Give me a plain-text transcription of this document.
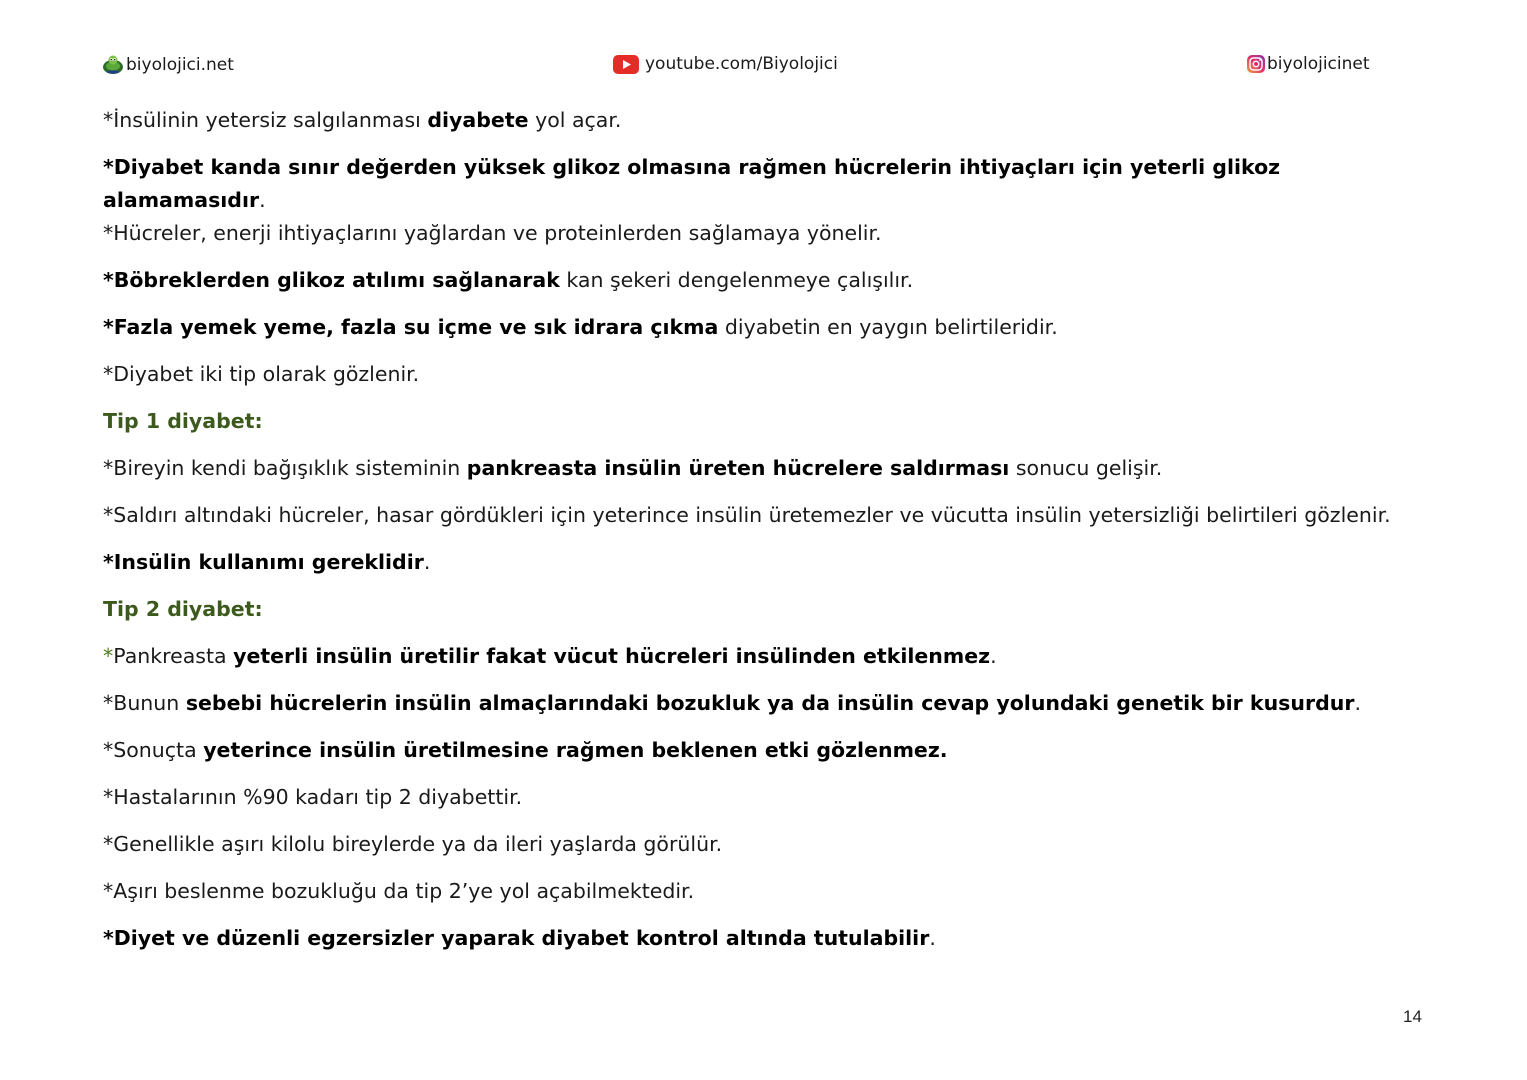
biyolojici.net	youtube.com/Biyolojici	biyolojicinet

*İnsülinin yetersiz salgılanması diyabete yol açar.

*Diyabet kanda sınır değerden yüksek glikoz olmasına rağmen hücrelerin ihtiyaçları için yeterli glikoz alamamasıdır.

*Hücreler, enerji ihtiyaçlarını yağlardan ve proteinlerden sağlamaya yönelir.

*Böbreklerden glikoz atılımı sağlanarak kan şekeri dengelenmeye çalışılır.

*Fazla yemek yeme, fazla su içme ve sık idrara çıkma diyabetin en yaygın belirtileridir.

*Diyabet iki tip olarak gözlenir.

Tip 1 diyabet:

*Bireyin kendi bağışıklık sisteminin pankreasta insülin üreten hücrelere saldırması sonucu gelişir.

*Saldırı altındaki hücreler, hasar gördükleri için yeterince insülin üretemezler ve vücutta insülin yetersizliği belirtileri gözlenir.

*Insülin kullanımı gereklidir.

Tip 2 diyabet:

*Pankreasta yeterli insülin üretilir fakat vücut hücreleri insülinden etkilenmez.

*Bunun sebebi hücrelerin insülin almaçlarındaki bozukluk ya da insülin cevap yolundaki genetik bir kusurdur.

*Sonuçta yeterince insülin üretilmesine rağmen beklenen etki gözlenmez.

*Hastalarının %90 kadarı tip 2 diyabettir.

*Genellikle aşırı kilolu bireylerde ya da ileri yaşlarda görülür.

*Aşırı beslenme bozukluğu da tip 2’ye yol açabilmektedir.

*Diyet ve düzenli egzersizler yaparak diyabet kontrol altında tutulabilir.

14
